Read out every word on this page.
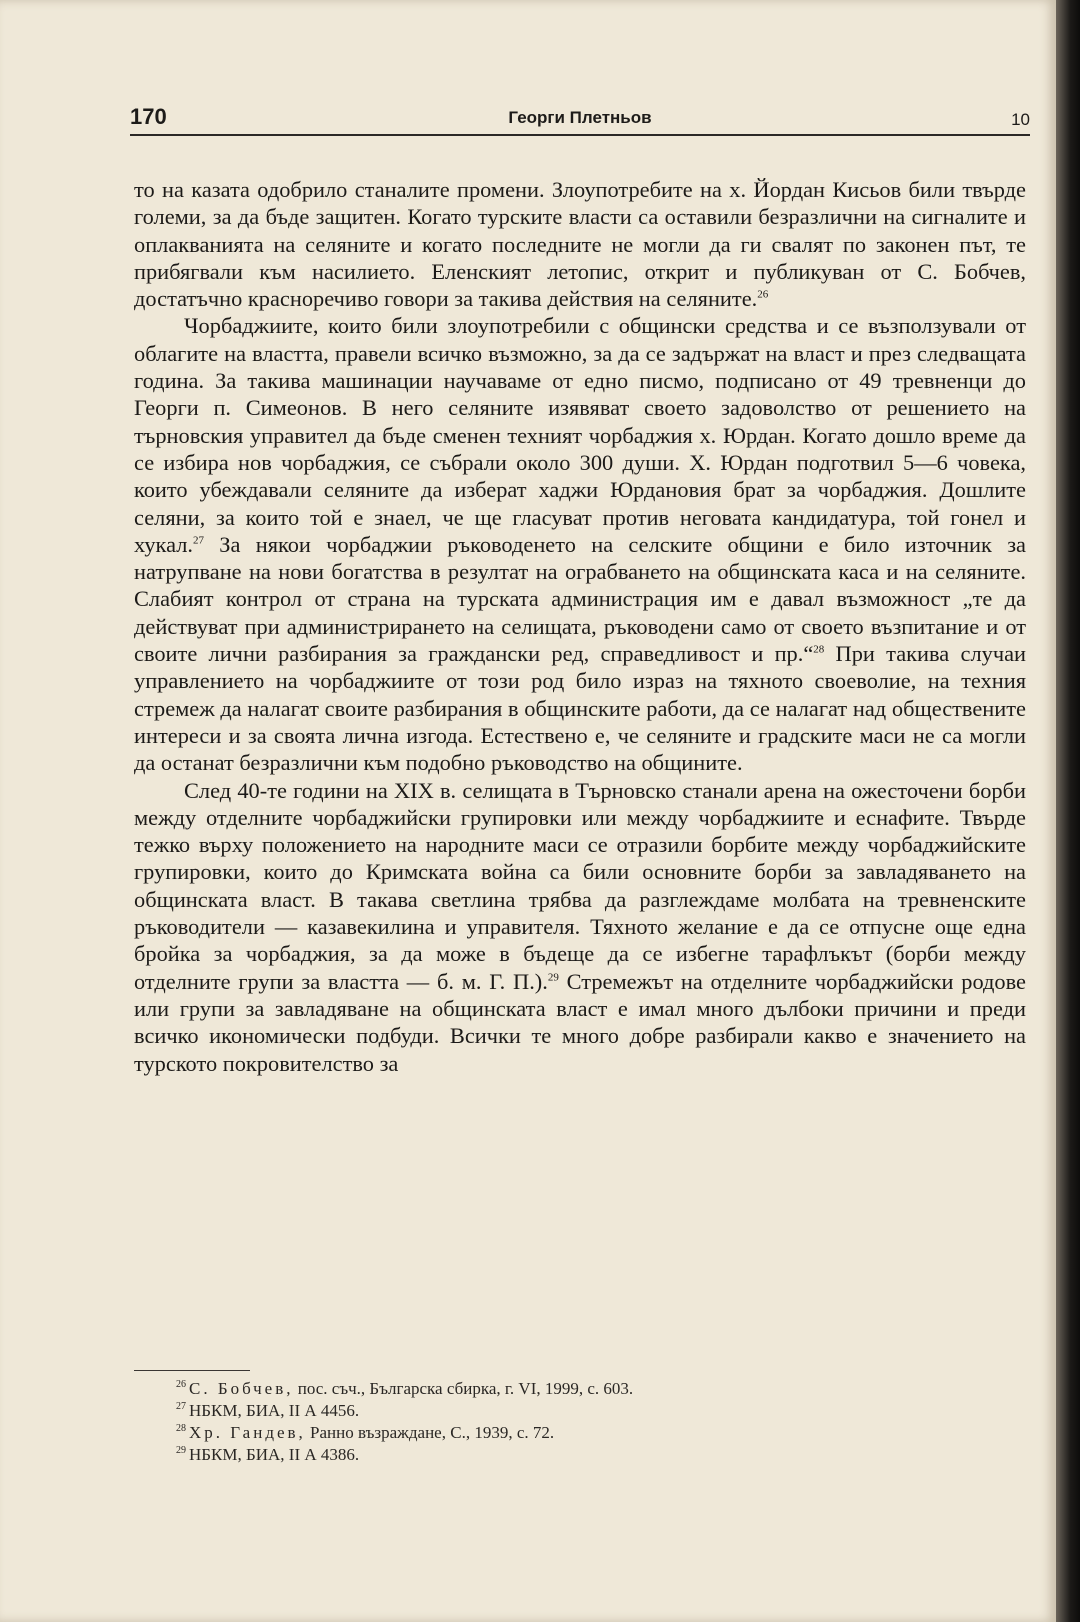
170	Георги Плетньов	10

то на казата одобрило станалите промени. Злоупотребите на х. Йордан Кисьов били твърде големи, за да бъде защитен. Когато турските власти са оставили безразлични на сигналите и оплакванията на селяните и когато последните не могли да ги свалят по законен път, те прибягвали към насилието. Еленският летопис, открит и публикуван от С. Бобчев, достатъчно красноречиво говори за такива действия на селяните.$^{26}$

Чорбаджиите, които били злоупотребили с общински средства и се възползували от облагите на властта, правели всичко възможно, за да се задържат на власт и през следващата година. За такива машинации научаваме от едно писмо, подписано от 49 тревненци до Георги п. Симеонов. В него селяните изявяват своето задоволство от решението на търновския управител да бъде сменен техният чорбаджия х. Юрдан. Когато дошло време да се избира нов чорбаджия, се събрали около 300 души. Х. Юрдан подготвил 5—6 човека, които убеждавали селяните да изберат хаджи Юрдановия брат за чорбаджия. Дошлите селяни, за които той е знаел, че ще гласуват против неговата кандидатура, той гонел и хукал.$^{27}$ За някои чорбаджии ръководенето на селските общини е било източник за натрупване на нови богатства в резултат на ограбването на общинската каса и на селяните. Слабият контрол от страна на турската администрация им е давал възможност „те да действуват при администрирането на селищата, ръководени само от своето възпитание и от своите лични разбирания за граждански ред, справедливост и пр.“$^{28}$ При такива случаи управлението на чорбаджиите от този род било израз на тяхното своеволие, на техния стремеж да налагат своите разбирания в общинските работи, да се налагат над обществените интереси и за своята лична изгода. Естествено е, че селяните и градските маси не са могли да останат безразлични към подобно ръководство на общините.

След 40-те години на XIX в. селищата в Търновско станали арена на ожесточени борби между отделните чорбаджийски групировки или между чорбаджиите и еснафите. Твърде тежко върху положението на народните маси се отразили борбите между чорбаджийските групировки, които до Кримската война са били основните борби за завладяването на общинската власт. В такава светлина трябва да разглеждаме молбата на тревненските ръководители — казавекилина и управителя. Тяхното желание е да се отпусне още една бройка за чорбаджия, за да може в бъдеще да се избегне тарафлъкът (борби между отделните групи за властта — б. м. Г. П.).$^{29}$ Стремежът на отделните чорбаджийски родове или групи за завладяване на общинската власт е имал много дълбоки причини и преди всичко икономически подбуди. Всички те много добре разбирали какво е значението на турското покровителство за

$^{26}$ С. Бобчев, пос. съч., Българска сбирка, г. VI, 1999, с. 603.
$^{27}$ НБКМ, БИА, II А 4456.
$^{28}$ Хр. Гандев, Ранно възраждане, С., 1939, с. 72.
$^{29}$ НБКМ, БИА, II А 4386.
